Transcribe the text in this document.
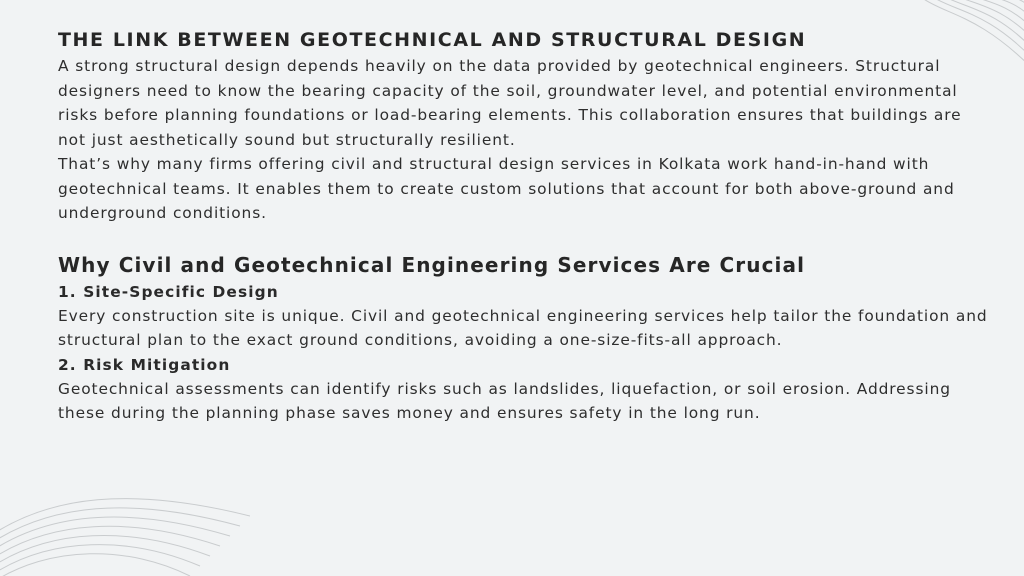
THE LINK BETWEEN GEOTECHNICAL AND STRUCTURAL DESIGN

A strong structural design depends heavily on the data provided by geotechnical engineers. Structural designers need to know the bearing capacity of the soil, groundwater level, and potential environmental risks before planning foundations or load-bearing elements. This collaboration ensures that buildings are not just aesthetically sound but structurally resilient.

That’s why many firms offering civil and structural design services in Kolkata work hand-in-hand with geotechnical teams. It enables them to create custom solutions that account for both above-ground and underground conditions.

Why Civil and Geotechnical Engineering Services Are Crucial
1. Site-Specific Design

Every construction site is unique. Civil and geotechnical engineering services help tailor the foundation and structural plan to the exact ground conditions, avoiding a one-size-fits-all approach.

2. Risk Mitigation

Geotechnical assessments can identify risks such as landslides, liquefaction, or soil erosion. Addressing these during the planning phase saves money and ensures safety in the long run.
